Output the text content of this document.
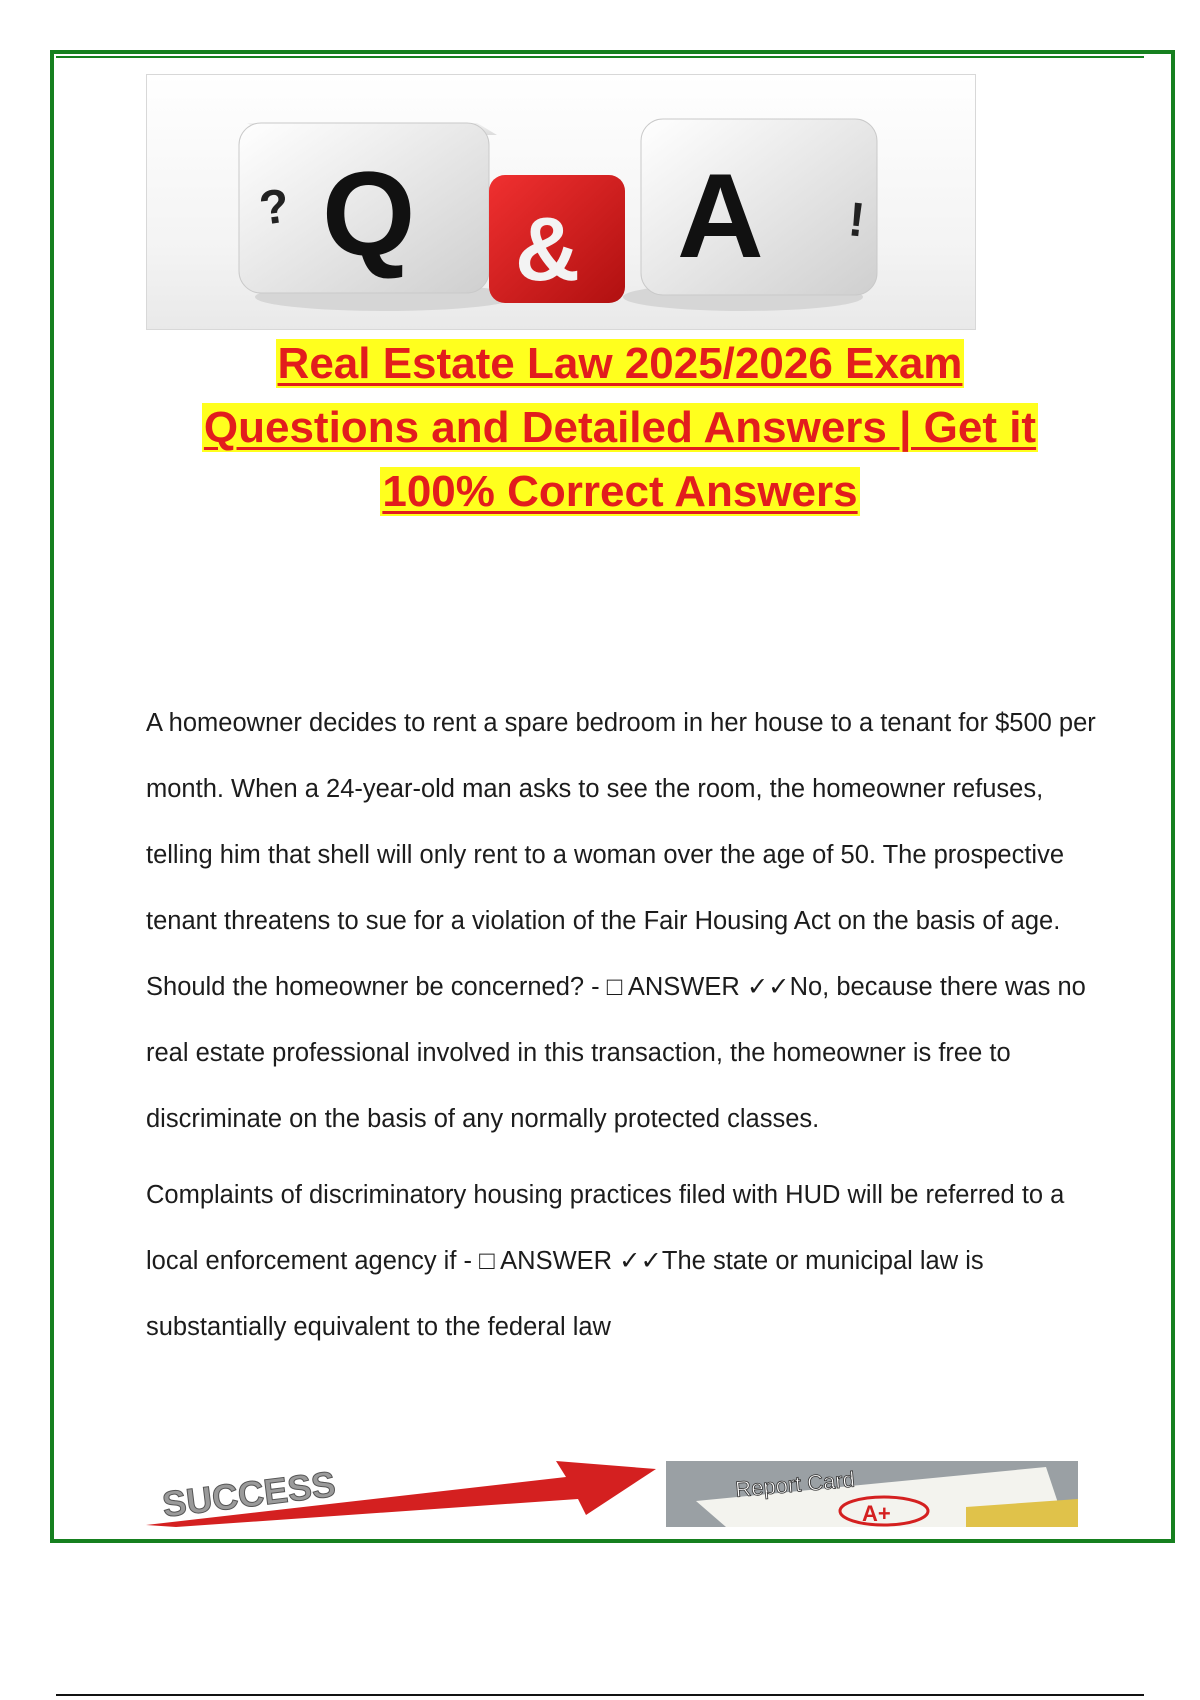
? Q A !
&
Real Estate Law 2025/2026 Exam
Questions and Detailed Answers | Get it
100% Correct Answers

A homeowner decides to rent a spare bedroom in her house to a tenant for $500 per month. When a 24-year-old man asks to see the room, the homeowner refuses, telling him that shell will only rent to a woman over the age of 50. The prospective tenant threatens to sue for a violation of the Fair Housing Act on the basis of age. Should the homeowner be concerned? - □ ANSWER ✓✓No, because there was no real estate professional involved in this transaction, the homeowner is free to discriminate on the basis of any normally protected classes.

Complaints of discriminatory housing practices filed with HUD will be referred to a local enforcement agency if - □ ANSWER ✓✓The state or municipal law is substantially equivalent to the federal law

SUCCESS	Report Card
A+
